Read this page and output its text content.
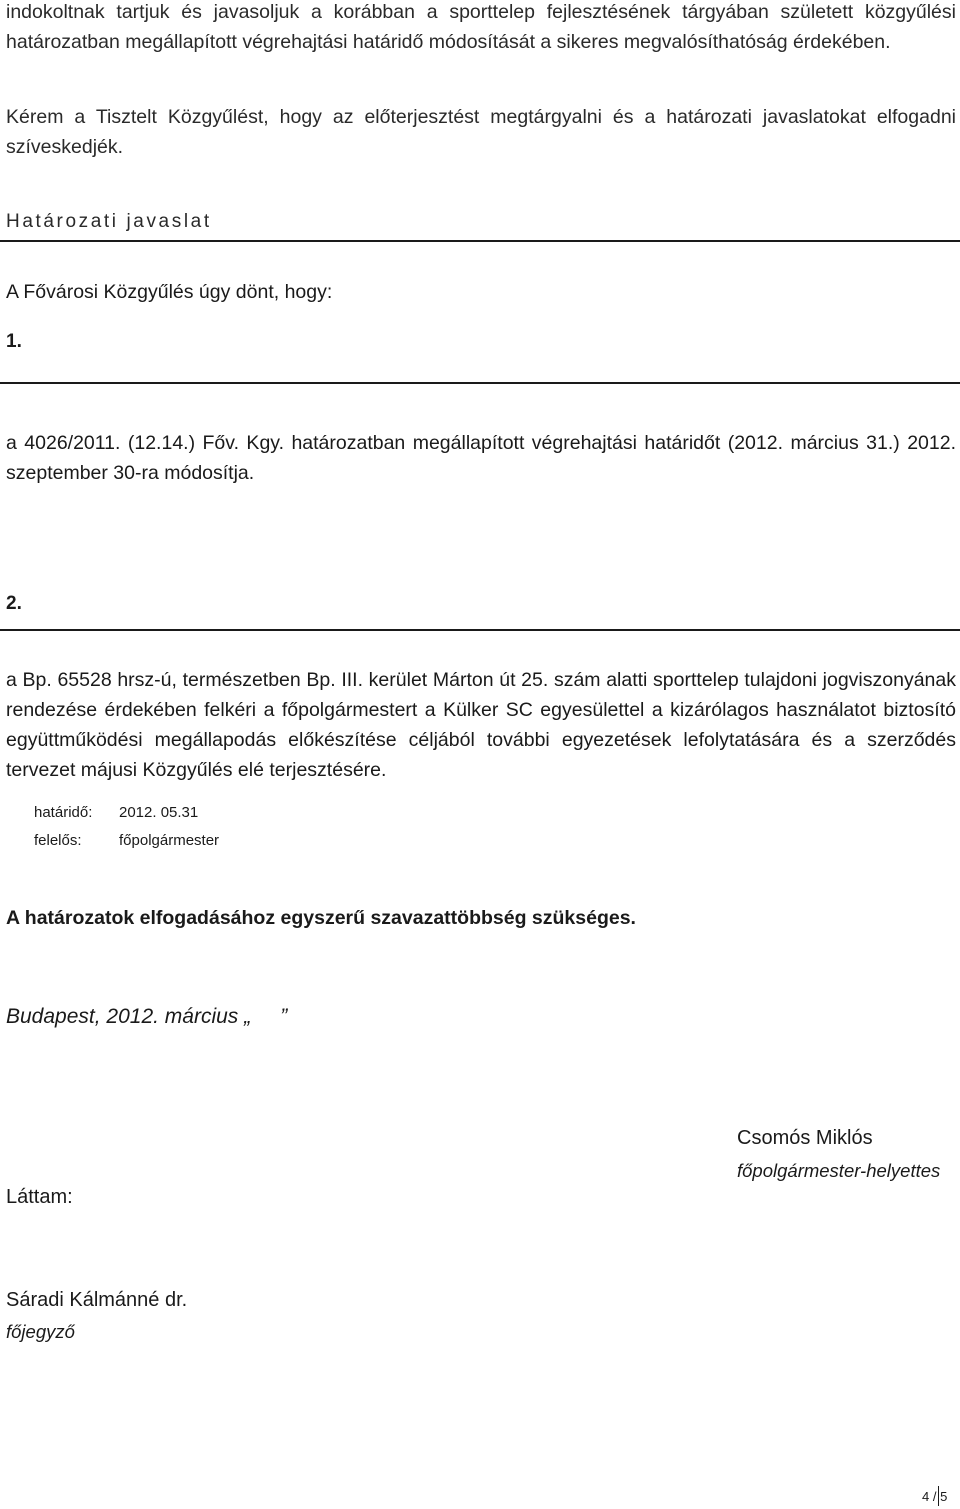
indokoltnak tartjuk és javasoljuk a korábban a sporttelep fejlesztésének tárgyában született közgyűlési határozatban megállapított végrehajtási határidő módosítását a sikeres megvalósíthatóság érdekében.
Kérem a Tisztelt Közgyűlést, hogy az előterjesztést megtárgyalni és a határozati javaslatokat elfogadni szíveskedjék.
Határozati javaslat
A Fővárosi Közgyűlés úgy dönt, hogy:
1.
a 4026/2011. (12.14.) Főv. Kgy. határozatban megállapított végrehajtási határidőt (2012. március 31.) 2012. szeptember 30-ra módosítja.
2.
a Bp. 65528 hrsz-ú, természetben Bp. III. kerület Márton út 25. szám alatti sporttelep tulajdoni jogviszonyának rendezése érdekében felkéri a főpolgármestert a Külker SC egyesülettel a kizárólagos használatot biztosító együttműködési megállapodás előkészítése céljából további egyezetések lefolytatására és a szerződés tervezet májusi Közgyűlés elé terjesztésére.
határidő: 2012. 05.31
felelős: főpolgármester
A határozatok elfogadásához egyszerű szavazattöbbség szükséges.
Budapest, 2012. március „     ”
Csomós Miklós
főpolgármester-helyettes
Láttam:
Sáradi Kálmánné dr.
főjegyző
4 / 5
